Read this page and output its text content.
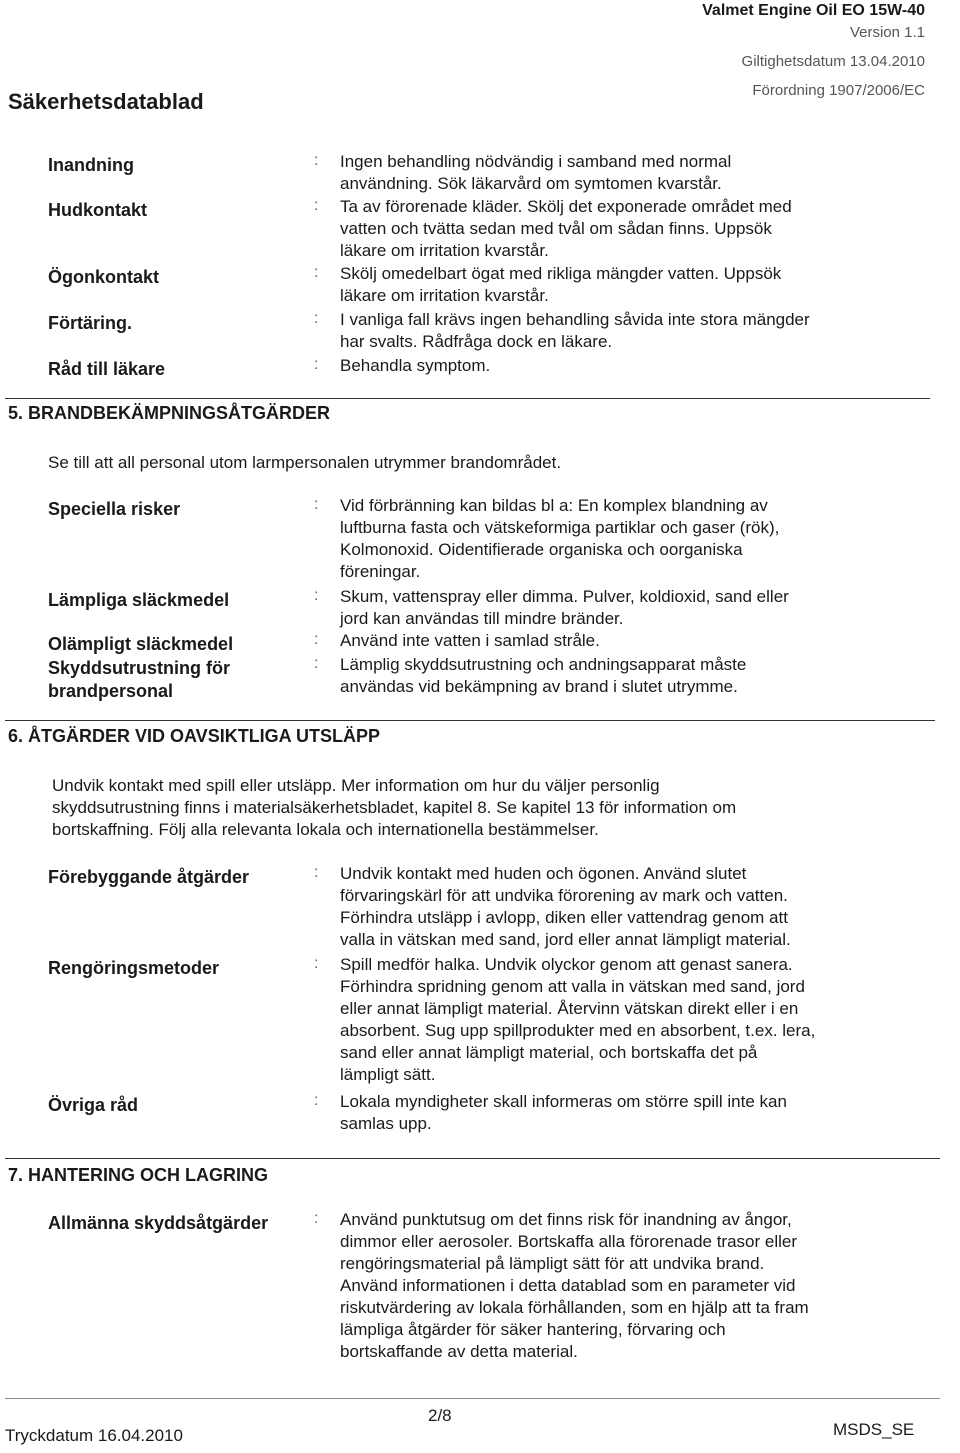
Valmet Engine Oil EO 15W-40
Version 1.1
Giltighetsdatum 13.04.2010
Förordning 1907/2006/EC
Säkerhetsdatablad
Inandning	: Ingen behandling nödvändig i samband med normal
användning. Sök läkarvård om symtomen kvarstår.
Hudkontakt	: Ta av förorenade kläder. Skölj det exponerade området med
vatten och tvätta sedan med tvål om sådan finns. Uppsök
läkare om irritation kvarstår.
Ögonkontakt	: Skölj omedelbart ögat med rikliga mängder vatten. Uppsök
läkare om irritation kvarstår.
Förtäring.	: I vanliga fall krävs ingen behandling såvida inte stora mängder
har svalts. Rådfråga dock en läkare.
Råd till läkare	: Behandla symptom.
5. BRANDBEKÄMPNINGSÅTGÄRDER
Se till att all personal utom larmpersonalen utrymmer brandområdet.
Speciella risker	: Vid förbränning kan bildas bl a: En komplex blandning av
luftburna fasta och vätskeformiga partiklar och gaser (rök),
Kolmonoxid. Oidentifierade organiska och oorganiska
föreningar.
Lämpliga släckmedel	: Skum, vattenspray eller dimma. Pulver, koldioxid, sand eller
jord kan användas till mindre bränder.
Olämpligt släckmedel	: Använd inte vatten i samlad stråle.
Skyddsutrustning för
brandpersonal
: Lämplig skyddsutrustning och andningsapparat måste
användas vid bekämpning av brand i slutet utrymme.
6. ÅTGÄRDER VID OAVSIKTLIGA UTSLÄPP
Undvik kontakt med spill eller utsläpp. Mer information om hur du väljer personlig
skyddsutrustning finns i materialsäkerhetsbladet, kapitel 8. Se kapitel 13 för information om
bortskaffning. Följ alla relevanta lokala och internationella bestämmelser.
Förebyggande åtgärder	: Undvik kontakt med huden och ögonen. Använd slutet
förvaringskärl för att undvika förorening av mark och vatten.
Förhindra utsläpp i avlopp, diken eller vattendrag genom att
valla in vätskan med sand, jord eller annat lämpligt material.
Rengöringsmetoder	: Spill medför halka. Undvik olyckor genom att genast sanera.
Förhindra spridning genom att valla in vätskan med sand, jord
eller annat lämpligt material. Återvinn vätskan direkt eller i en
absorbent. Sug upp spillprodukter med en absorbent, t.ex. lera,
sand eller annat lämpligt material, och bortskaffa det på
lämpligt sätt.
Övriga råd	: Lokala myndigheter skall informeras om större spill inte kan
samlas upp.
7. HANTERING OCH LAGRING
Allmänna skyddsåtgärder	: Använd punktutsug om det finns risk för inandning av ångor,
dimmor eller aerosoler. Bortskaffa alla förorenade trasor eller
rengöringsmaterial på lämpligt sätt för att undvika brand.
Använd informationen i detta datablad som en parameter vid
riskutvärdering av lokala förhållanden, som en hjälp att ta fram
lämpliga åtgärder för säker hantering, förvaring och
bortskaffande av detta material.
Tryckdatum 16.04.2010
2/8
MSDS_SE
